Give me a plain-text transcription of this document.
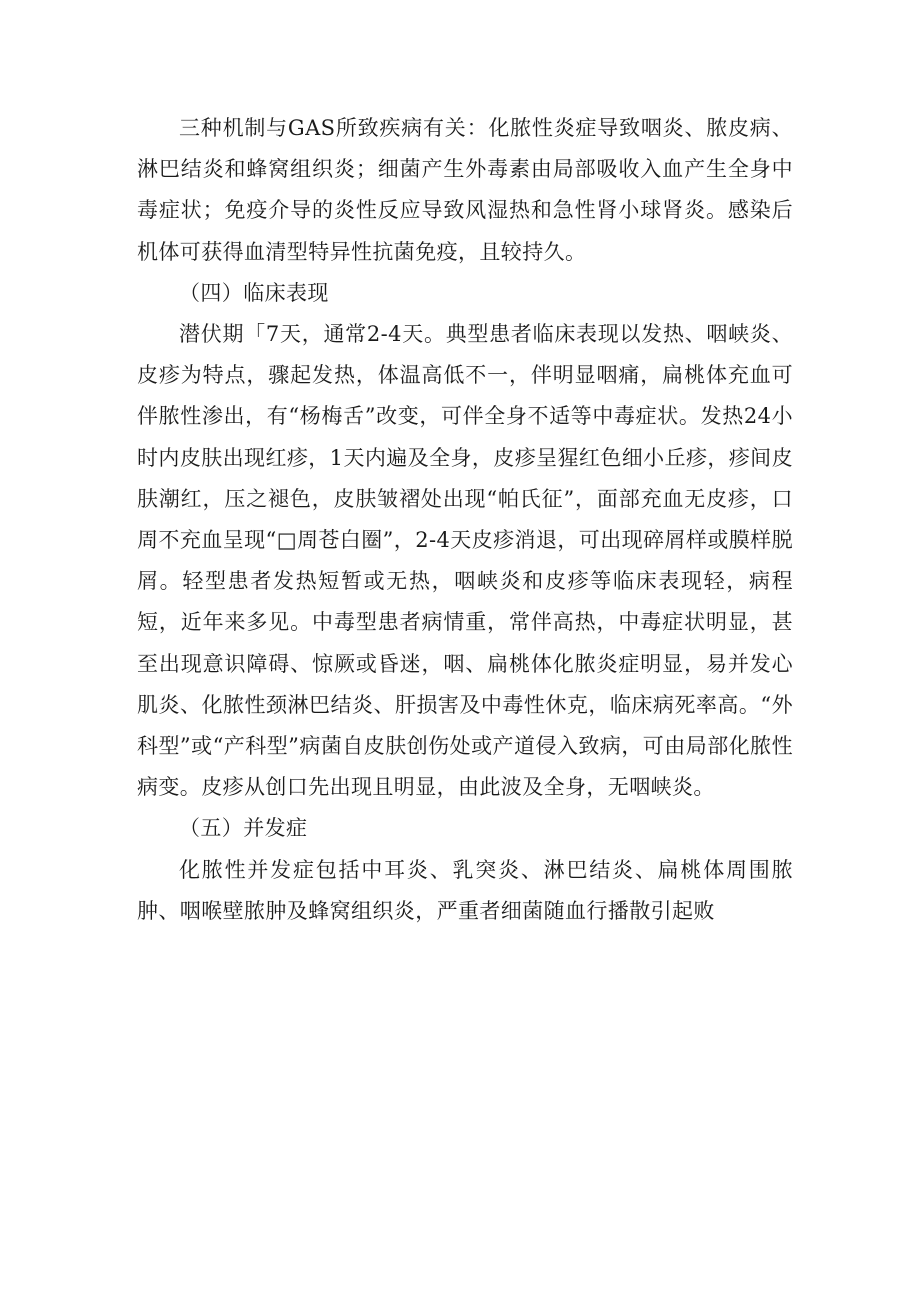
三种机制与GAS所致疾病有关：化脓性炎症导致咽炎、脓皮病、淋巴结炎和蜂窝组织炎；细菌产生外毒素由局部吸收入血产生全身中毒症状；免疫介导的炎性反应导致风湿热和急性肾小球肾炎。感染后机体可获得血清型特异性抗菌免疫，且较持久。

（四）临床表现

潜伏期「7天，通常2-4天。典型患者临床表现以发热、咽峡炎、皮疹为特点，骤起发热，体温高低不一，伴明显咽痛，扁桃体充血可伴脓性渗出，有“杨梅舌”改变，可伴全身不适等中毒症状。发热24小时内皮肤出现红疹，1天内遍及全身，皮疹呈猩红色细小丘疹，疹间皮肤潮红，压之褪色，皮肤皱褶处出现“帕氏征”，面部充血无皮疹，口周不充血呈现“□周苍白圈”，2-4天皮疹消退，可出现碎屑样或膜样脱屑。轻型患者发热短暂或无热，咽峡炎和皮疹等临床表现轻，病程短，近年来多见。中毒型患者病情重，常伴高热，中毒症状明显，甚至出现意识障碍、惊厥或昏迷，咽、扁桃体化脓炎症明显，易并发心肌炎、化脓性颈淋巴结炎、肝损害及中毒性休克，临床病死率高。“外科型”或“产科型”病菌自皮肤创伤处或产道侵入致病，可由局部化脓性病变。皮疹从创口先出现且明显，由此波及全身，无咽峡炎。

（五）并发症

化脓性并发症包括中耳炎、乳突炎、淋巴结炎、扁桃体周围脓肿、咽喉壁脓肿及蜂窝组织炎，严重者细菌随血行播散引起败
